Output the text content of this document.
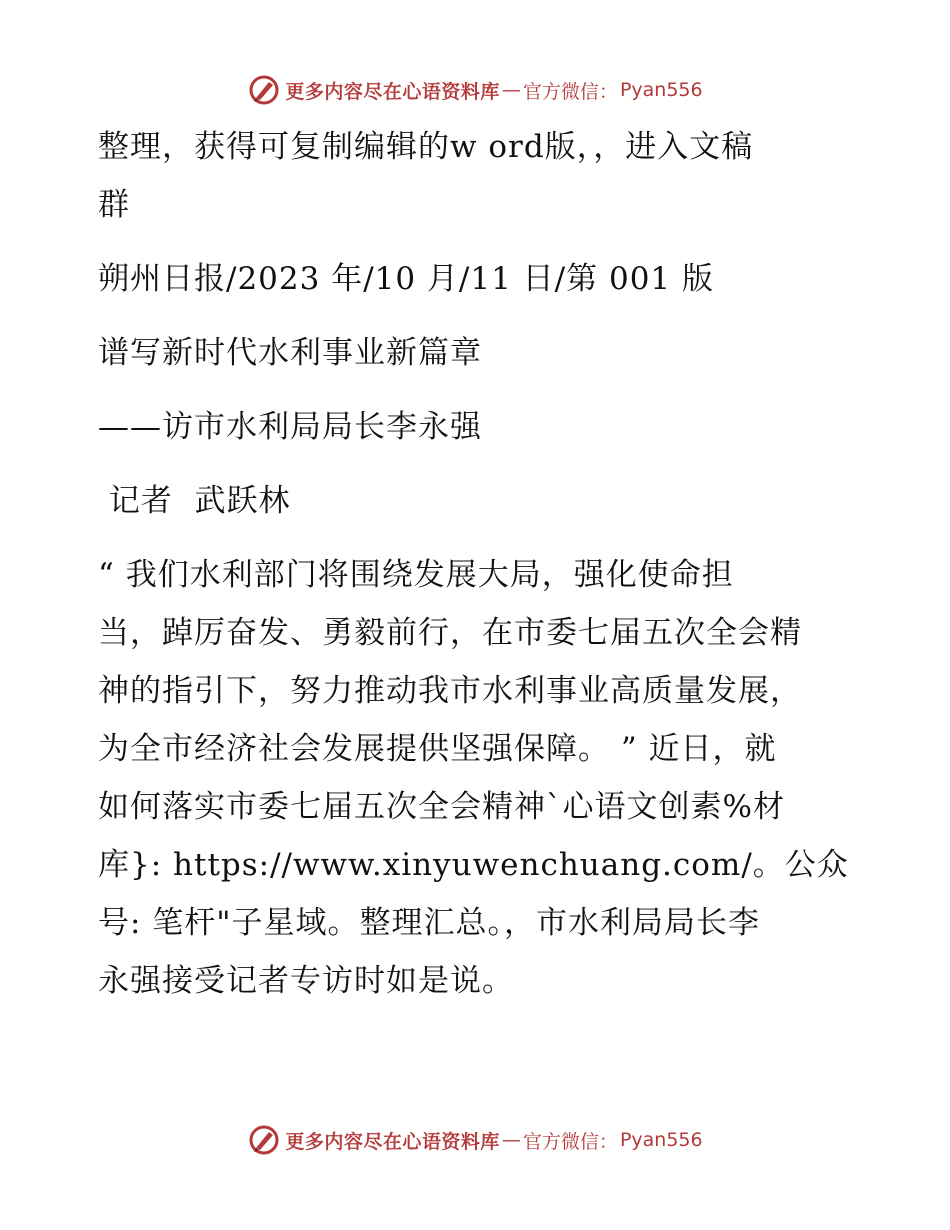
更多内容尽在心语资料库 — 官方微信： Pyan556
整理，获得可复制编辑的w ord版，，进入文稿
群
朔州日报/2023 年/10 月/11 日/第 001 版
谱写新时代水利事业新篇章
——访市水利局局长李永强
记者  武跃林
“ 我们水利部门将围绕发展大局，强化使命担
当，踔厉奋发、勇毅前行，在市委七届五次全会精
神的指引下，努力推动我市水利事业高质量发展，
为全市经济社会发展提供坚强保障。 ” 近日，就
如何落实市委七届五次全会精神`心语文创素%材
库}: https://www.xinyuwenchuang.com/。公众
号: 笔杆"子星域。整理汇总。，市水利局局长李
永强接受记者专访时如是说。
更多内容尽在心语资料库 — 官方微信： Pyan556
